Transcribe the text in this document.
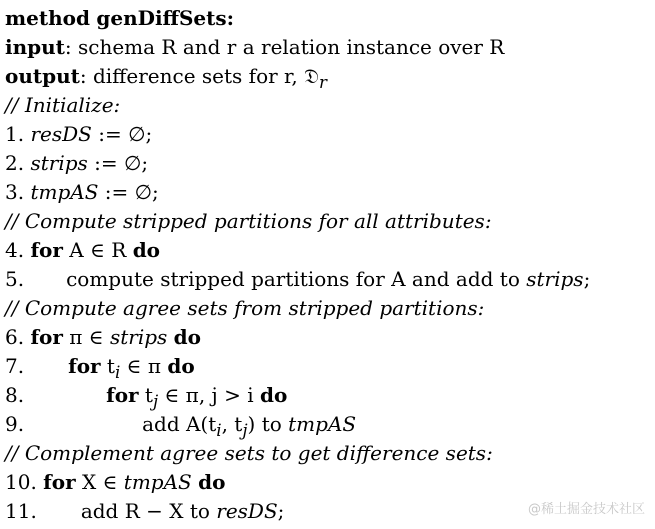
method genDiffSets:
input: schema R and r a relation instance over R
output: difference sets for r, 𝔇$_r$
// Initialize:
1. resDS := ∅;
2. strips := ∅;
3. tmpAS := ∅;
// Compute stripped partitions for all attributes:
4. for A ∈ R do
5. compute stripped partitions for A and add to strips;
// Compute agree sets from stripped partitions:
6. for π ∈ strips do
7. for $t_i$ ∈ π do
8.	for $t_j$ ∈ π, j > i do
9.	add $A(t_i$, $t_j$) to tmpAS
// Complement agree sets to get difference sets:
10. for X ∈ tmpAS do
11. add R − X to resDS;	@稀土掘金技术社区
